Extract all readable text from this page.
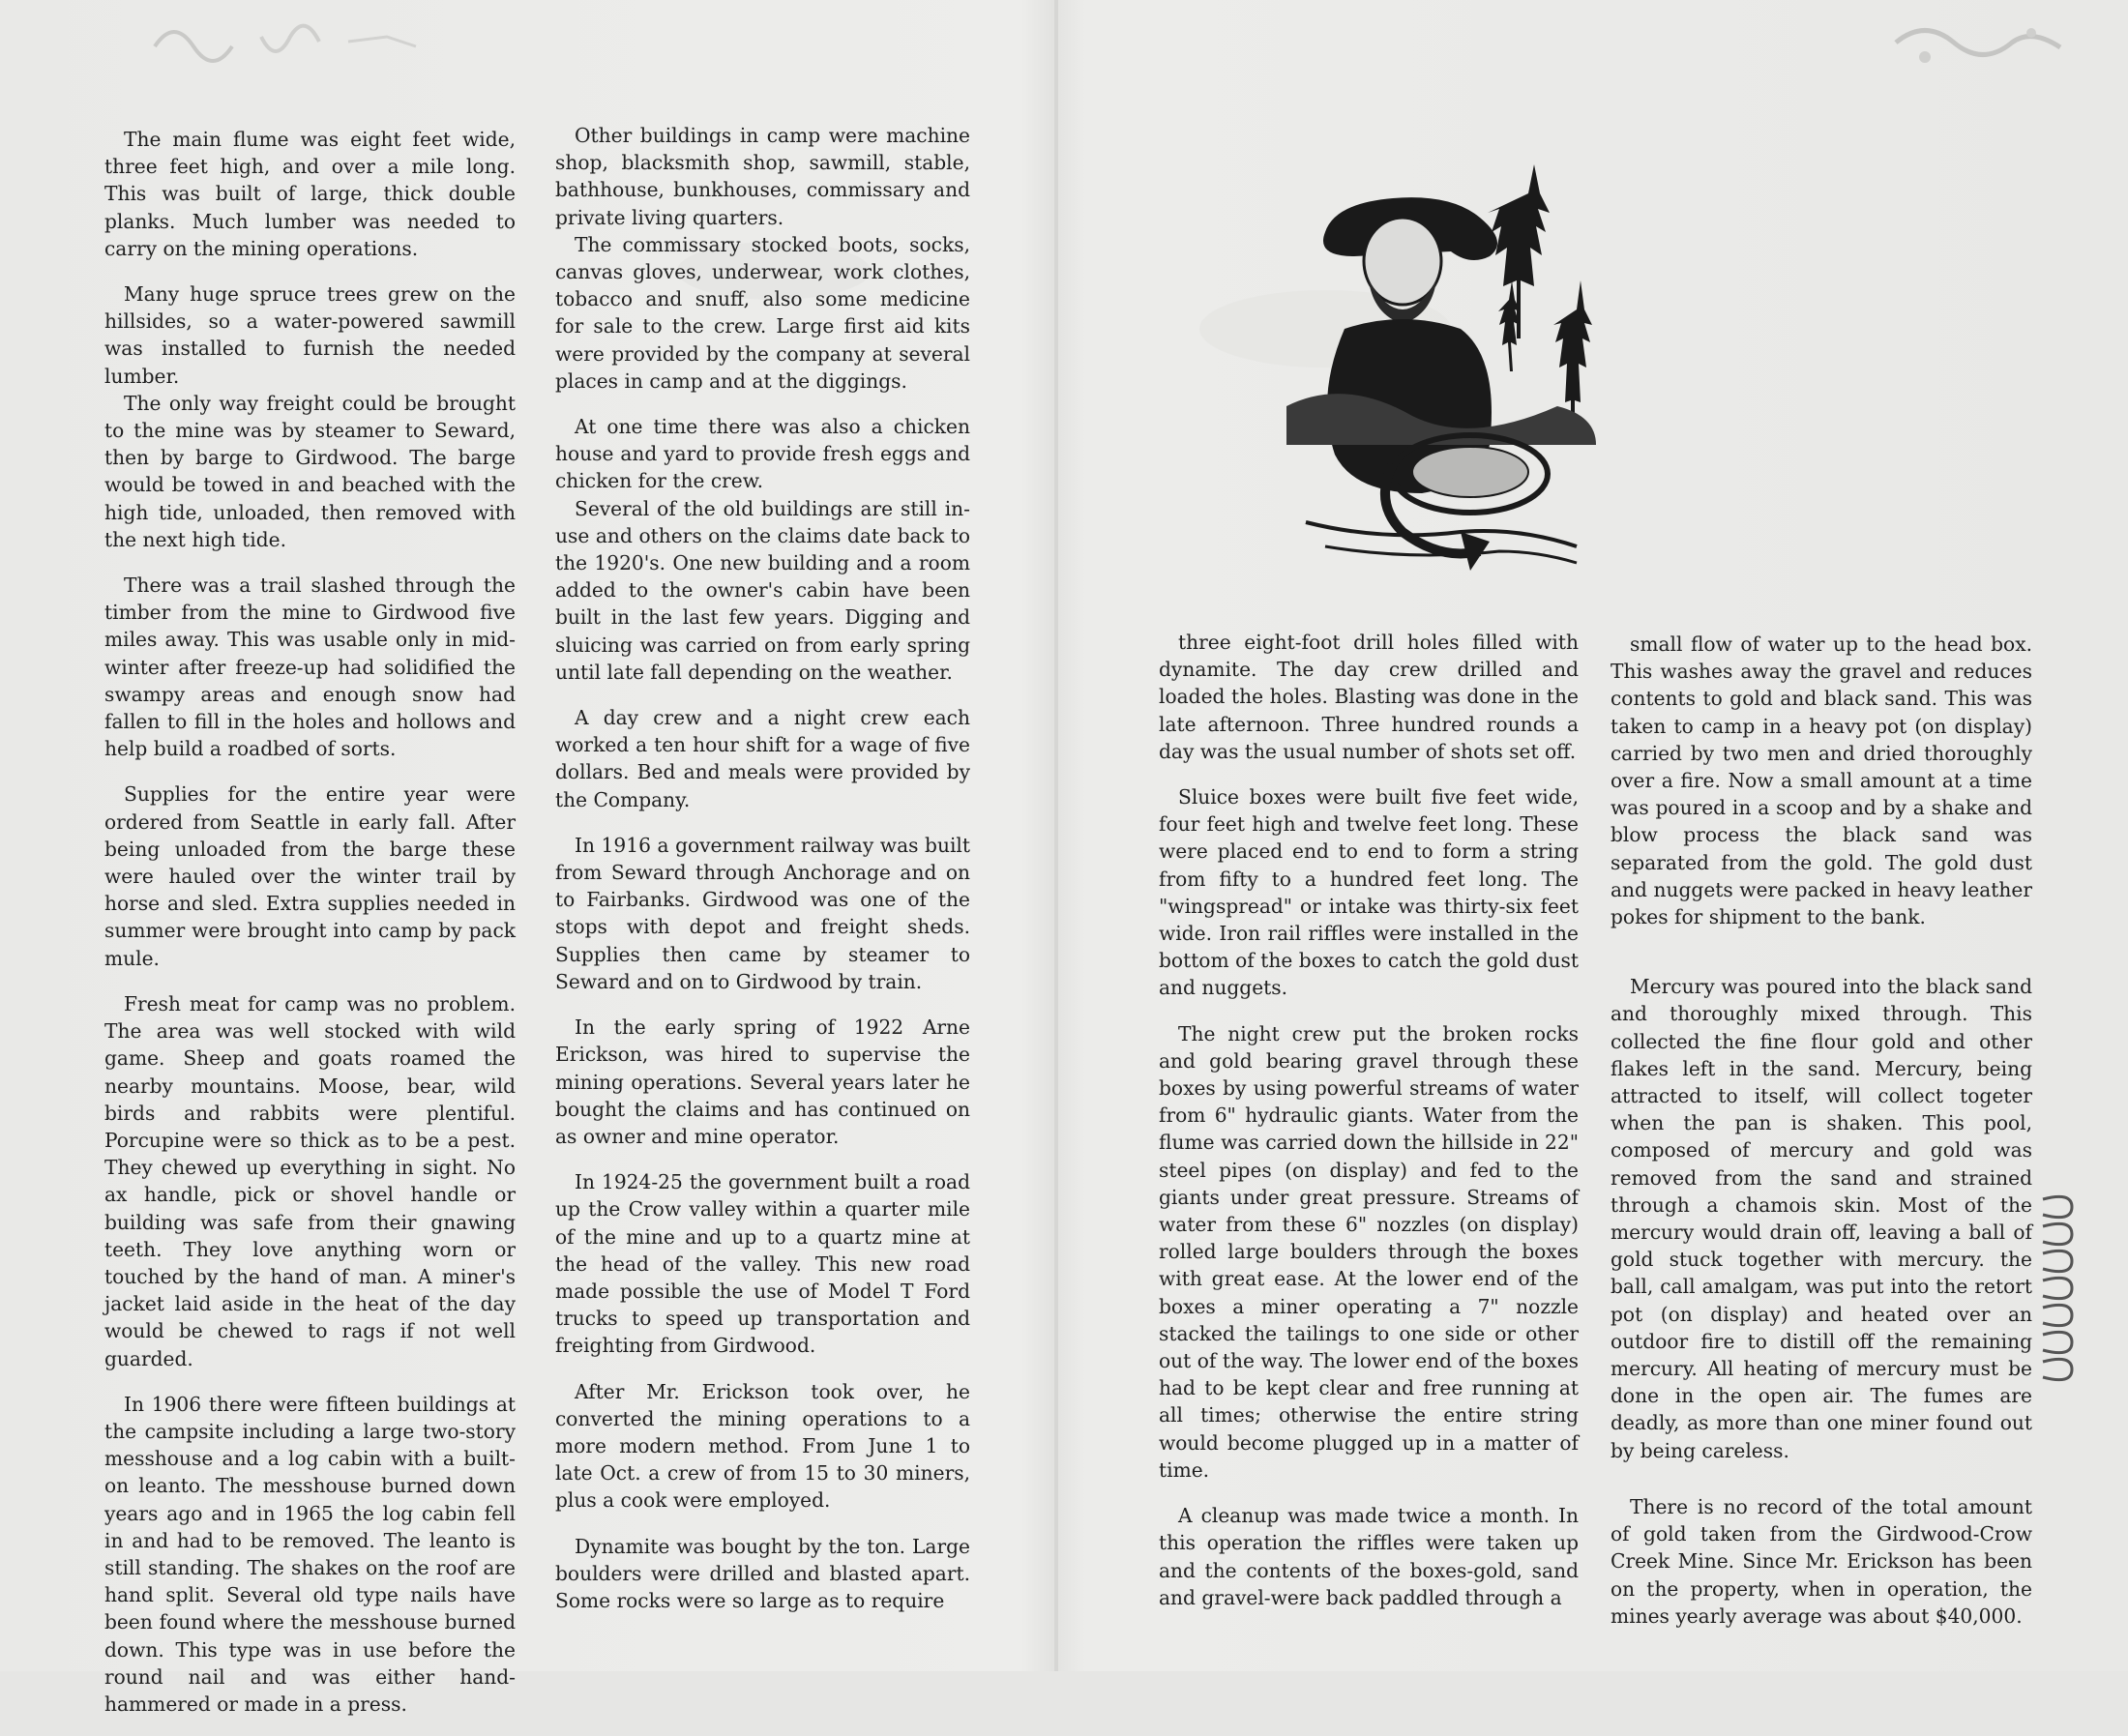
The main flume was eight feet wide, three feet high, and over a mile long. This was built of large, thick double planks. Much lumber was needed to carry on the mining operations.

Many huge spruce trees grew on the hillsides, so a water-powered sawmill was installed to furnish the needed lumber.

The only way freight could be brought to the mine was by steamer to Seward, then by barge to Girdwood. The barge would be towed in and beached with the high tide, unloaded, then removed with the next high tide.

There was a trail slashed through the timber from the mine to Girdwood five miles away. This was usable only in mid-winter after freeze-up had solidified the swampy areas and enough snow had fallen to fill in the holes and hollows and help build a roadbed of sorts.

Supplies for the entire year were ordered from Seattle in early fall. After being unloaded from the barge these were hauled over the winter trail by horse and sled. Extra supplies needed in summer were brought into camp by pack mule.

Fresh meat for camp was no problem. The area was well stocked with wild game. Sheep and goats roamed the nearby mountains. Moose, bear, wild birds and rabbits were plentiful. Porcupine were so thick as to be a pest. They chewed up everything in sight. No ax handle, pick or shovel handle or building was safe from their gnawing teeth. They love anything worn or touched by the hand of man. A miner's jacket laid aside in the heat of the day would be chewed to rags if not well guarded.

In 1906 there were fifteen buildings at the campsite including a large two-story messhouse and a log cabin with a built-on leanto. The messhouse burned down years ago and in 1965 the log cabin fell in and had to be removed. The leanto is still standing. The shakes on the roof are hand split. Several old type nails have been found where the messhouse burned down. This type was in use before the round nail and was either hand-hammered or made in a press.

Other buildings in camp were machine shop, blacksmith shop, sawmill, stable, bathhouse, bunkhouses, commissary and private living quarters.

The commissary stocked boots, socks, canvas gloves, underwear, work clothes, tobacco and snuff, also some medicine for sale to the crew. Large first aid kits were provided by the company at several places in camp and at the diggings.

At one time there was also a chicken house and yard to provide fresh eggs and chicken for the crew.

Several of the old buildings are still in-use and others on the claims date back to the 1920's. One new building and a room added to the owner's cabin have been built in the last few years. Digging and sluicing was carried on from early spring until late fall depending on the weather.

A day crew and a night crew each worked a ten hour shift for a wage of five dollars. Bed and meals were provided by the Company.

In 1916 a government railway was built from Seward through Anchorage and on to Fairbanks. Girdwood was one of the stops with depot and freight sheds. Supplies then came by steamer to Seward and on to Girdwood by train.

In the early spring of 1922 Arne Erickson, was hired to supervise the mining operations. Several years later he bought the claims and has continued on as owner and mine operator.

In 1924-25 the government built a road up the Crow valley within a quarter mile of the mine and up to a quartz mine at the head of the valley. This new road made possible the use of Model T Ford trucks to speed up transportation and freighting from Girdwood.

After Mr. Erickson took over, he converted the mining operations to a more modern method. From June 1 to late Oct. a crew of from 15 to 30 miners, plus a cook were employed.

Dynamite was bought by the ton. Large boulders were drilled and blasted apart. Some rocks were so large as to require

three eight-foot drill holes filled with dynamite. The day crew drilled and loaded the holes. Blasting was done in the late afternoon. Three hundred rounds a day was the usual number of shots set off.

Sluice boxes were built five feet wide, four feet high and twelve feet long. These were placed end to end to form a string from fifty to a hundred feet long. The "wingspread" or intake was thirty-six feet wide. Iron rail riffles were installed in the bottom of the boxes to catch the gold dust and nuggets.

The night crew put the broken rocks and gold bearing gravel through these boxes by using powerful streams of water from 6" hydraulic giants. Water from the flume was carried down the hillside in 22" steel pipes (on display) and fed to the giants under great pressure. Streams of water from these 6" nozzles (on display) rolled large boulders through the boxes with great ease. At the lower end of the boxes a miner operating a 7" nozzle stacked the tailings to one side or other out of the way. The lower end of the boxes had to be kept clear and free running at all times; otherwise the entire string would become plugged up in a matter of time.

A cleanup was made twice a month. In this operation the riffles were taken up and the contents of the boxes-gold, sand and gravel-were back paddled through a

small flow of water up to the head box. This washes away the gravel and reduces contents to gold and black sand. This was taken to camp in a heavy pot (on display) carried by two men and dried thoroughly over a fire. Now a small amount at a time was poured in a scoop and by a shake and blow process the black sand was separated from the gold. The gold dust and nuggets were packed in heavy leather pokes for shipment to the bank.

Mercury was poured into the black sand and thoroughly mixed through. This collected the fine flour gold and other flakes left in the sand. Mercury, being attracted to itself, will collect togeter when the pan is shaken. This pool, composed of mercury and gold was removed from the sand and strained through a chamois skin. Most of the mercury would drain off, leaving a ball of gold stuck together with mercury. the ball, call amalgam, was put into the retort pot (on display) and heated over an outdoor fire to distill off the remaining mercury. All heating of mercury must be done in the open air. The fumes are deadly, as more than one miner found out by being careless.

There is no record of the total amount of gold taken from the Girdwood-Crow Creek Mine. Since Mr. Erickson has been on the property, when in operation, the mines yearly average was about $40,000.
